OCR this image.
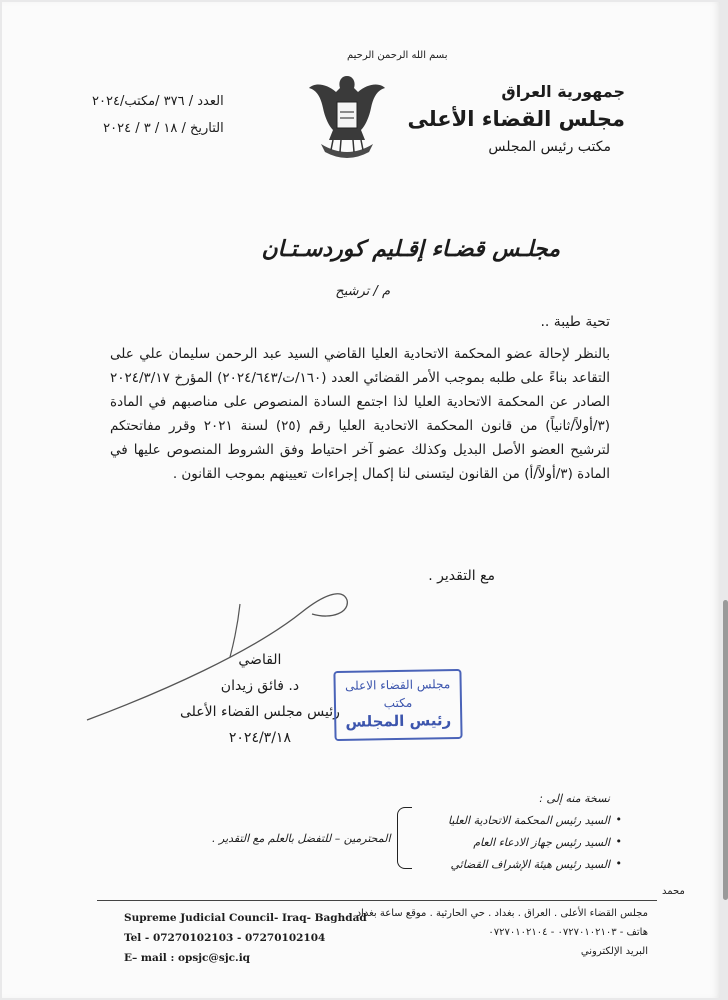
بسم الله الرحمن الرحيم
جمهورية العراق
مجلس القضاء الأعلى
مكتب رئيس المجلس
العدد / ٣٧٦ /مكتب/٢٠٢٤
التاريخ / ١٨ / ٣ / ٢٠٢٤
مجلـس قضـاء إقـليم كوردسـتـان
م / ترشيح
تحية طيبة ..
بالنظر لإحالة عضو المحكمة الاتحادية العليا القاضي السيد عبد الرحمن سليمان علي على التقاعد بناءً على طلبه بموجب الأمر القضائي العدد (١٦٠/ت/٢٠٢٤/٦٤٣) المؤرخ ٢٠٢٤/٣/١٧ الصادر عن المحكمة الاتحادية العليا لذا اجتمع السادة المنصوص على مناصبهم في المادة (٣/أولاً/ثانياً) من قانون المحكمة الاتحادية العليا رقم (٢٥) لسنة ٢٠٢١ وقرر مفاتحتكم لترشيح العضو الأصل البديل وكذلك عضو آخر احتياط وفق الشروط المنصوص عليها في المادة (٣/أولاً/أ) من القانون ليتسنى لنا إكمال إجراءات تعيينهم بموجب القانون .
مع التقدير .
القاضي
د. فائق زيدان
رئيس مجلس القضاء الأعلى
٢٠٢٤/٣/١٨
مجلس القضاء الاعلى
مكتب
رئيس المجلس
نسخة منه إلى :
السيد رئيس المحكمة الاتحادية العليا •
السيد رئيس جهاز الادعاء العام •
السيد رئيس هيئة الإشراف القضائي •
المحترمين – للتفضل بالعلم مع التقدير .
محمد
Supreme Judicial Council- Iraq- Baghdad
Tel - 07270102103 - 07270102104
E– mail : opsjc@sjc.iq
مجلس القضاء الأعلى . العراق . بغداد . حي الحارثية . موقع ساعة بغداد
هاتف - ٠٧٢٧٠١٠٢١٠٣ - ٠٧٢٧٠١٠٢١٠٤
البريد الإلكتروني
